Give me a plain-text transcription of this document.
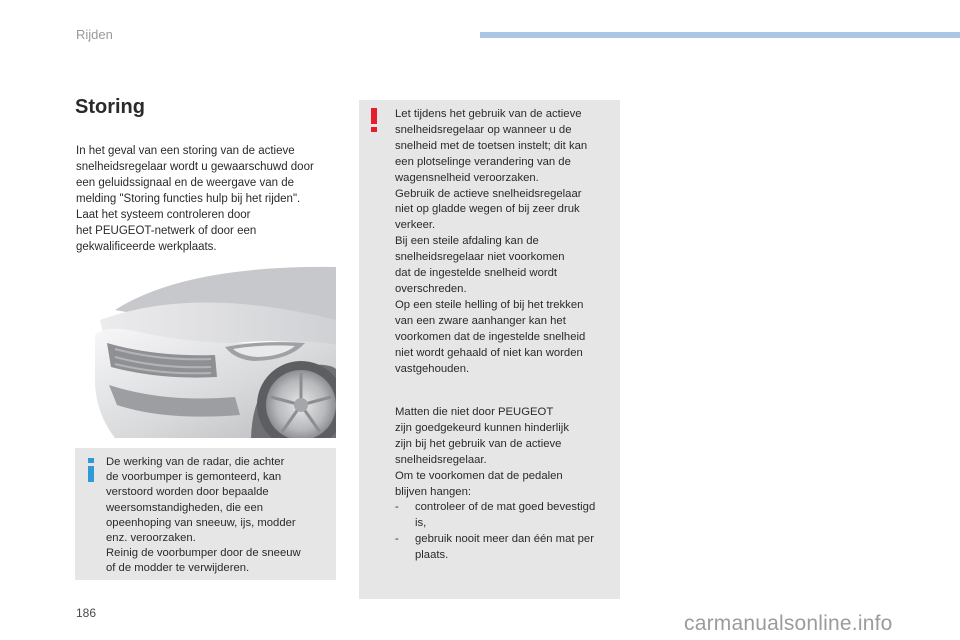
Rijden
Storing

In het geval van een storing van de actieve

snelheidsregelaar wordt u gewaarschuwd door

een geluidssignaal en de weergave van de

melding "Storing functies hulp bij het rijden".

Laat het systeem controleren door

het PEUGEOT-netwerk of door een

gekwalificeerde werkplaats.

De werking van de radar, die achter

de voorbumper is gemonteerd, kan

verstoord worden door bepaalde

weersomstandigheden, die een

opeenhoping van sneeuw, ijs, modder

enz. veroorzaken.

Reinig de voorbumper door de sneeuw

of de modder te verwijderen.

Let tijdens het gebruik van de actieve

snelheidsregelaar op wanneer u de

snelheid met de toetsen instelt; dit kan

een plotselinge verandering van de

wagensnelheid veroorzaken.

Gebruik de actieve snelheidsregelaar

niet op gladde wegen of bij zeer druk

verkeer.

Bij een steile afdaling kan de

snelheidsregelaar niet voorkomen

dat de ingestelde snelheid wordt

overschreden.

Op een steile helling of bij het trekken

van een zware aanhanger kan het

voorkomen dat de ingestelde snelheid

niet wordt gehaald of niet kan worden

vastgehouden.

Matten die niet door PEUGEOT

zijn goedgekeurd kunnen hinderlijk

zijn bij het gebruik van de actieve

snelheidsregelaar.

Om te voorkomen dat de pedalen

blijven hangen:

- controleer of de mat goed bevestigd
is,
- gebruik nooit meer dan één mat per
plaats.
186	carmanualsonline.info
